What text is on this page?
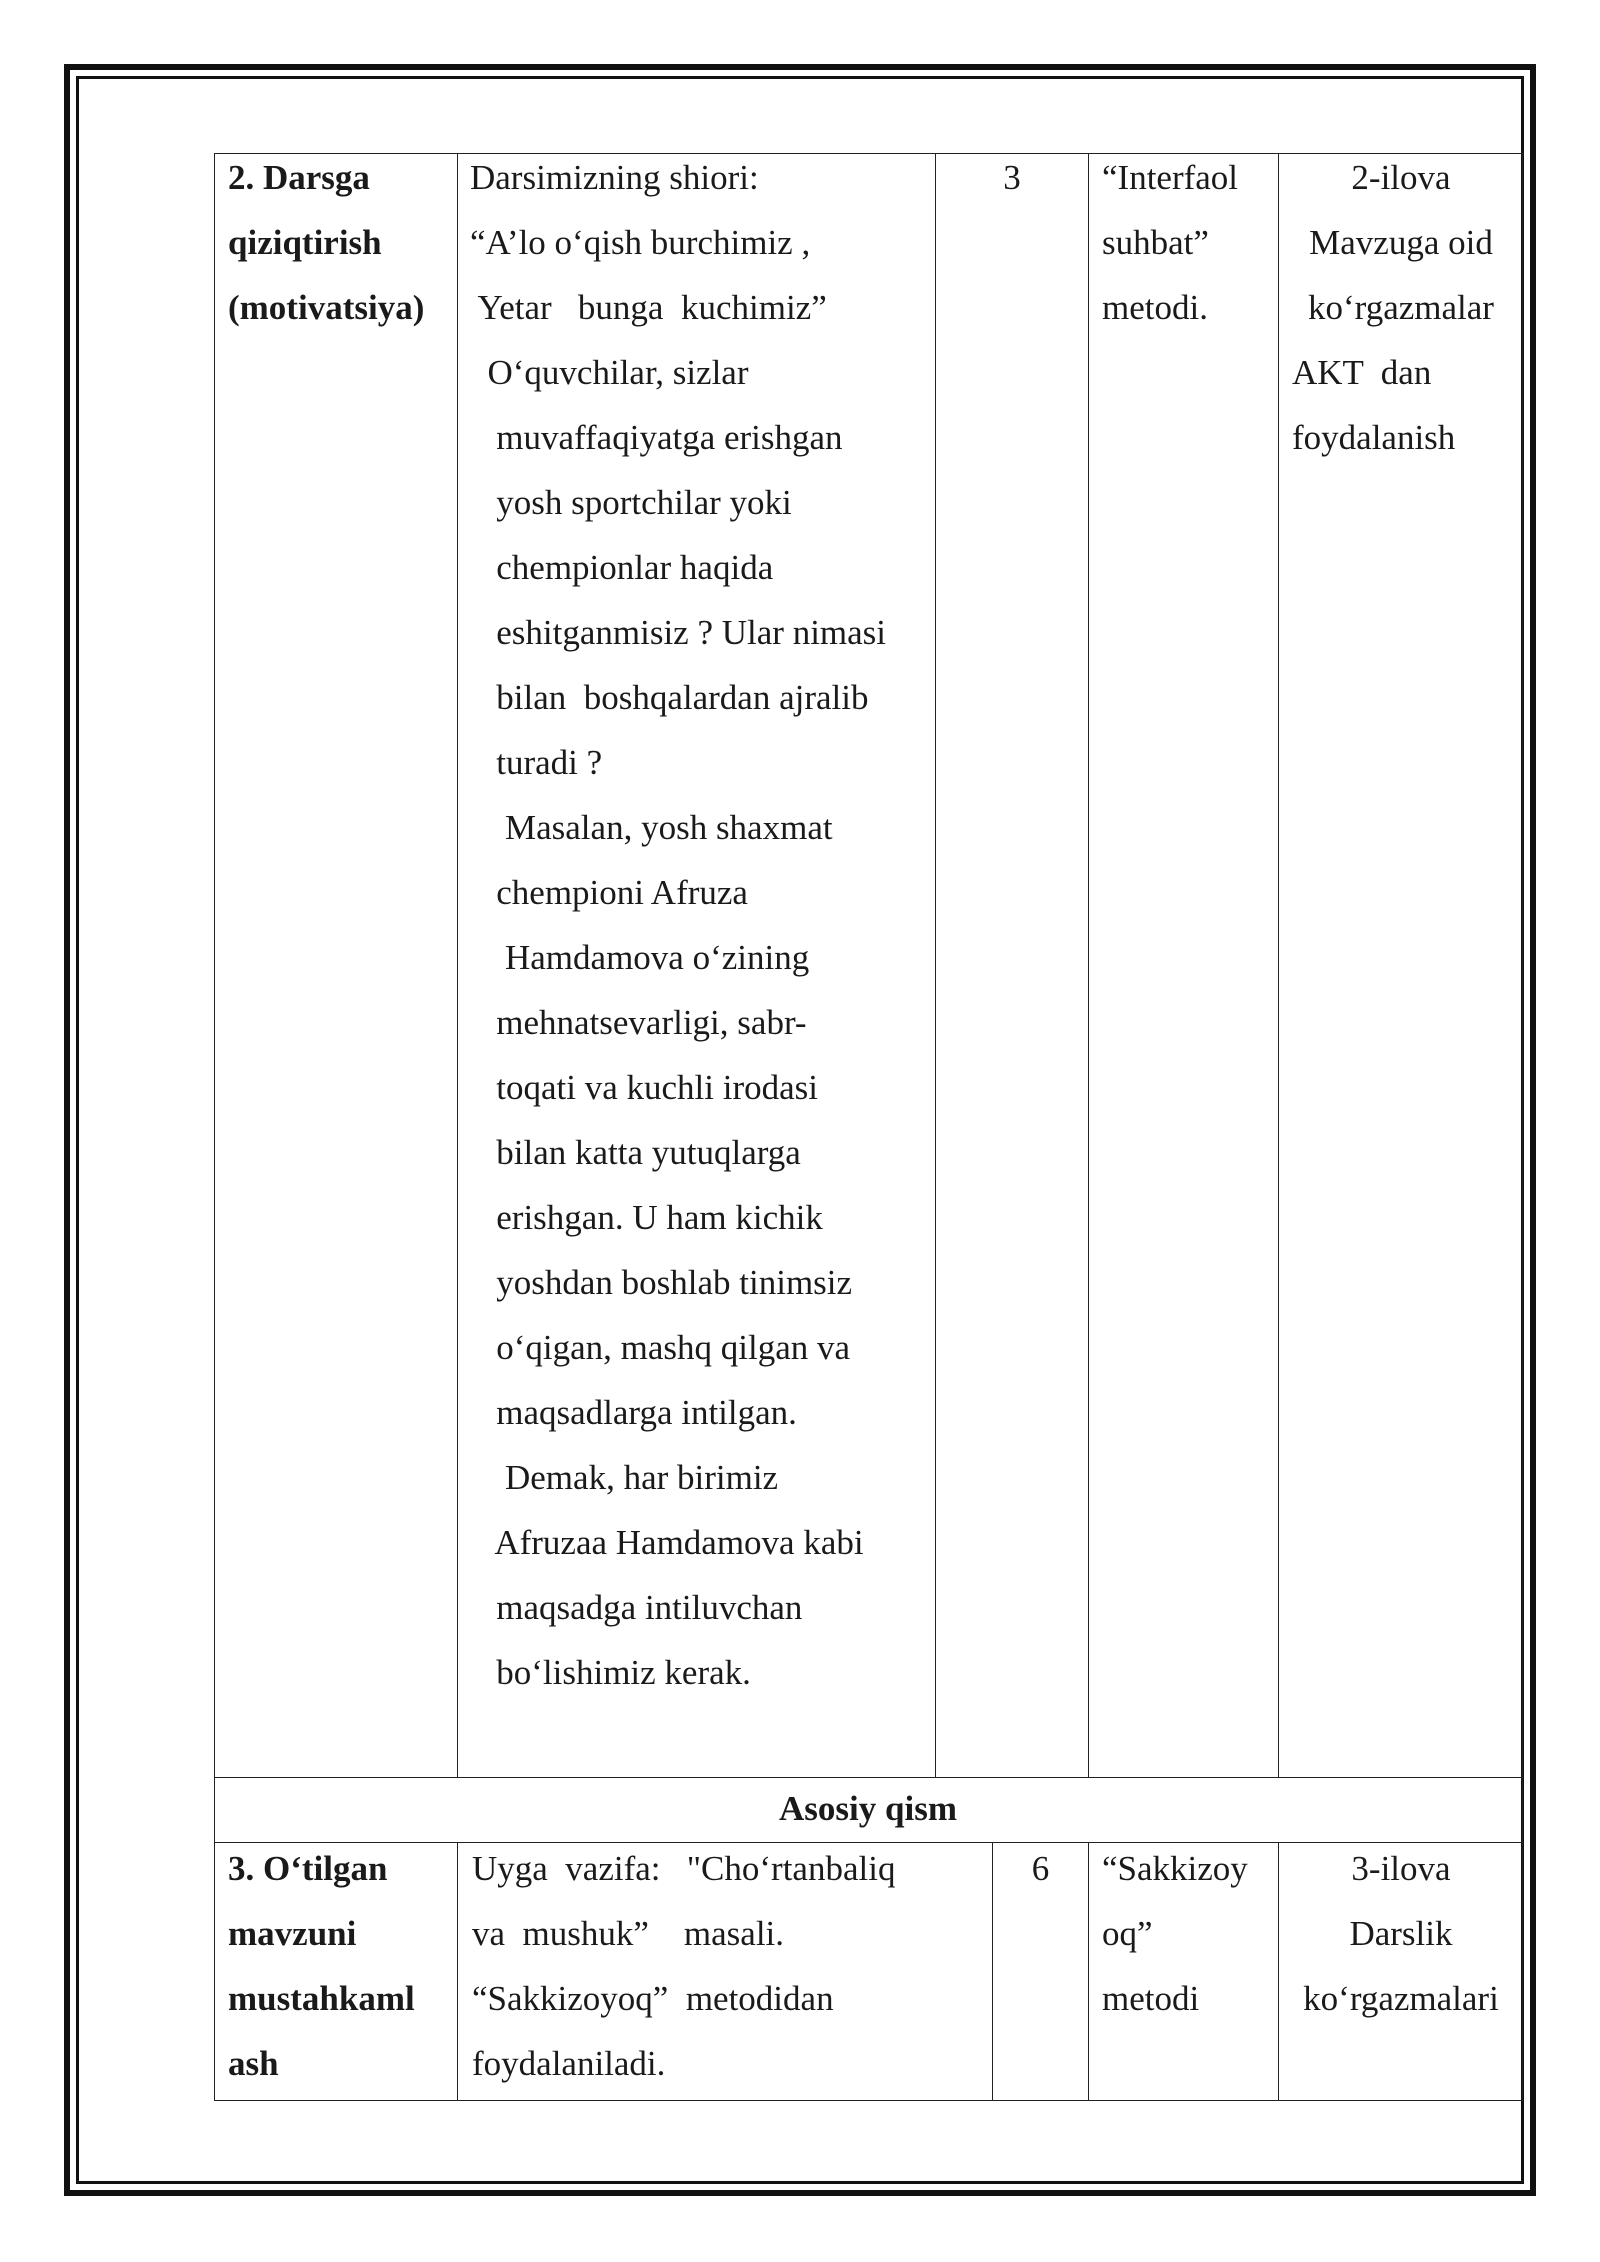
2. Darsga
qiziqtirish
(motivatsiya)
Darsimizning shiori:
“A’lo o‘qish burchimiz ,
Yetar   bunga  kuchimiz”
O‘quvchilar, sizlar
muvaffaqiyatga erishgan
yosh sportchilar yoki
chempionlar haqida
eshitganmisiz ? Ular nimasi
bilan  boshqalardan ajralib
turadi ?
Masalan, yosh shaxmat
chempioni Afruza
Hamdamova o‘zining
mehnatsevarligi, sabr-
toqati va kuchli irodasi
bilan katta yutuqlarga
erishgan. U ham kichik
yoshdan boshlab tinimsiz
o‘qigan, mashq qilgan va
maqsadlarga intilgan.
Demak, har birimiz
Afruzaa Hamdamova kabi
maqsadga intiluvchan
bo‘lishimiz kerak.
3	“Interfaol
suhbat”
metodi.
2-ilova
Mavzuga oid
ko‘rgazmalar
AKT  dan
foydalanish
Asosiy qism
3. O‘tilgan
mavzuni
mustahkaml
ash
Uyga  vazifa:   "Cho‘rtanbaliq
va  mushuk”    masali.
“Sakkizoyoq”  metodidan
foydalaniladi.
6	“Sakkizoy
oq”
metodi
3-ilova
Darslik
ko‘rgazmalari
